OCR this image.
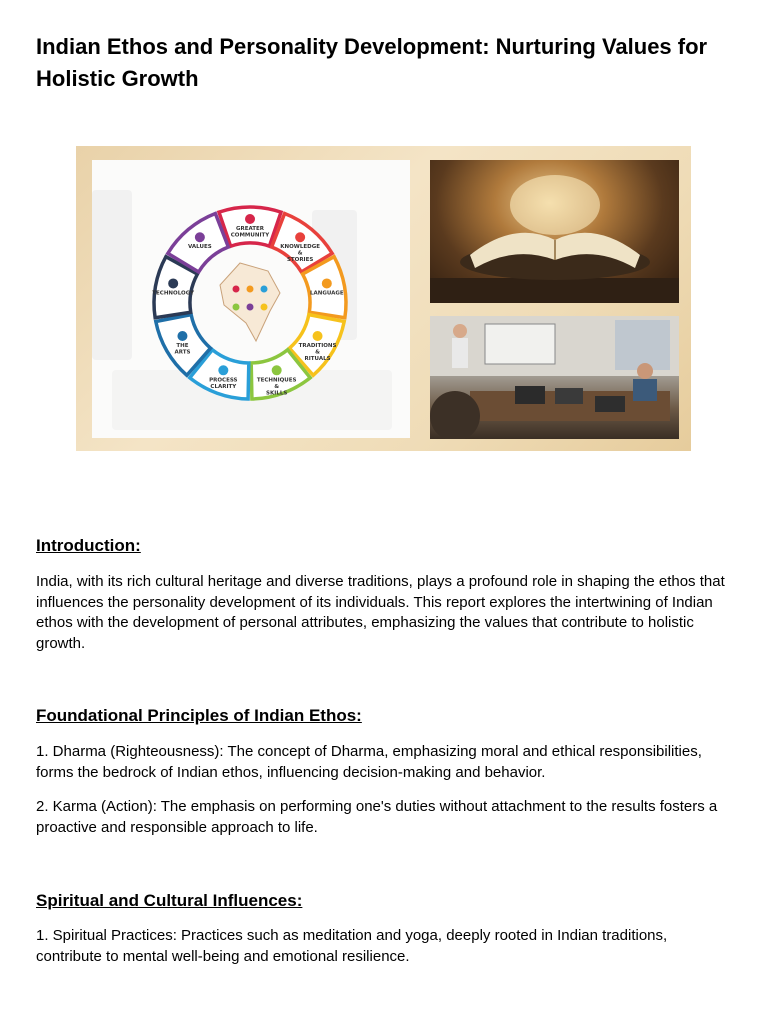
Indian Ethos and Personality Development: Nurturing Values for Holistic Growth
GREATER
COMMUNITY
KNOWLEDGE
&
STORIES
LANGUAGE
TRADITIONS
&
RITUALS
TECHNIQUES
&
SKILLS
PROCESS
CLARITY
THE
ARTS
TECHNOLOGY
VALUES
Introduction:

India, with its rich cultural heritage and diverse traditions, plays a profound role in shaping the ethos that influences the personality development of its individuals. This report explores the intertwining of Indian ethos with the development of personal attributes, emphasizing the values that contribute to holistic growth.

Foundational Principles of Indian Ethos:

1. Dharma (Righteousness): The concept of Dharma, emphasizing moral and ethical responsibilities, forms the bedrock of Indian ethos, influencing decision-making and behavior.

2. Karma (Action): The emphasis on performing one's duties without attachment to the results fosters a proactive and responsible approach to life.

Spiritual and Cultural Influences:

1. Spiritual Practices: Practices such as meditation and yoga, deeply rooted in Indian traditions, contribute to mental well-being and emotional resilience.
